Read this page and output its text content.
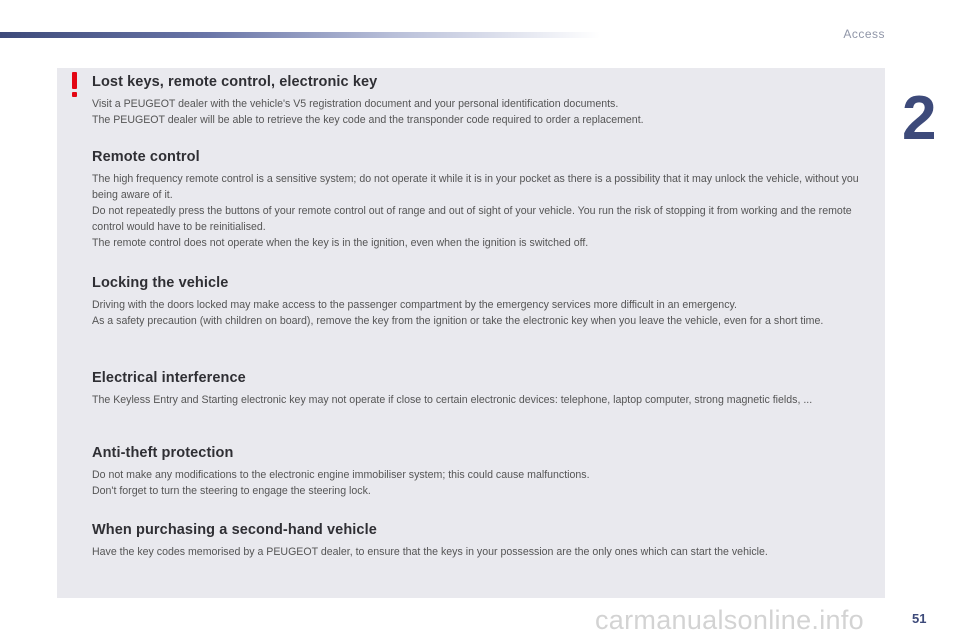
Access
2
Lost keys, remote control, electronic key

Visit a PEUGEOT dealer with the vehicle's V5 registration document and your personal identification documents.

The PEUGEOT dealer will be able to retrieve the key code and the transponder code required to order a replacement.

Remote control

The high frequency remote control is a sensitive system; do not operate it while it is in your pocket as there is a possibility that it may unlock the vehicle, without you being aware of it.

Do not repeatedly press the buttons of your remote control out of range and out of sight of your vehicle. You run the risk of stopping it from working and the remote control would have to be reinitialised.

The remote control does not operate when the key is in the ignition, even when the ignition is switched off.

Locking the vehicle

Driving with the doors locked may make access to the passenger compartment by the emergency services more difficult in an emergency.

As a safety precaution (with children on board), remove the key from the ignition or take the electronic key when you leave the vehicle, even for a short time.

Electrical interference

The Keyless Entry and Starting electronic key may not operate if close to certain electronic devices: telephone, laptop computer, strong magnetic fields, ...

Anti-theft protection

Do not make any modifications to the electronic engine immobiliser system; this could cause malfunctions.

Don't forget to turn the steering to engage the steering lock.

When purchasing a second-hand vehicle

Have the key codes memorised by a PEUGEOT dealer, to ensure that the keys in your possession are the only ones which can start the vehicle.

carmanualsonline.info	51
